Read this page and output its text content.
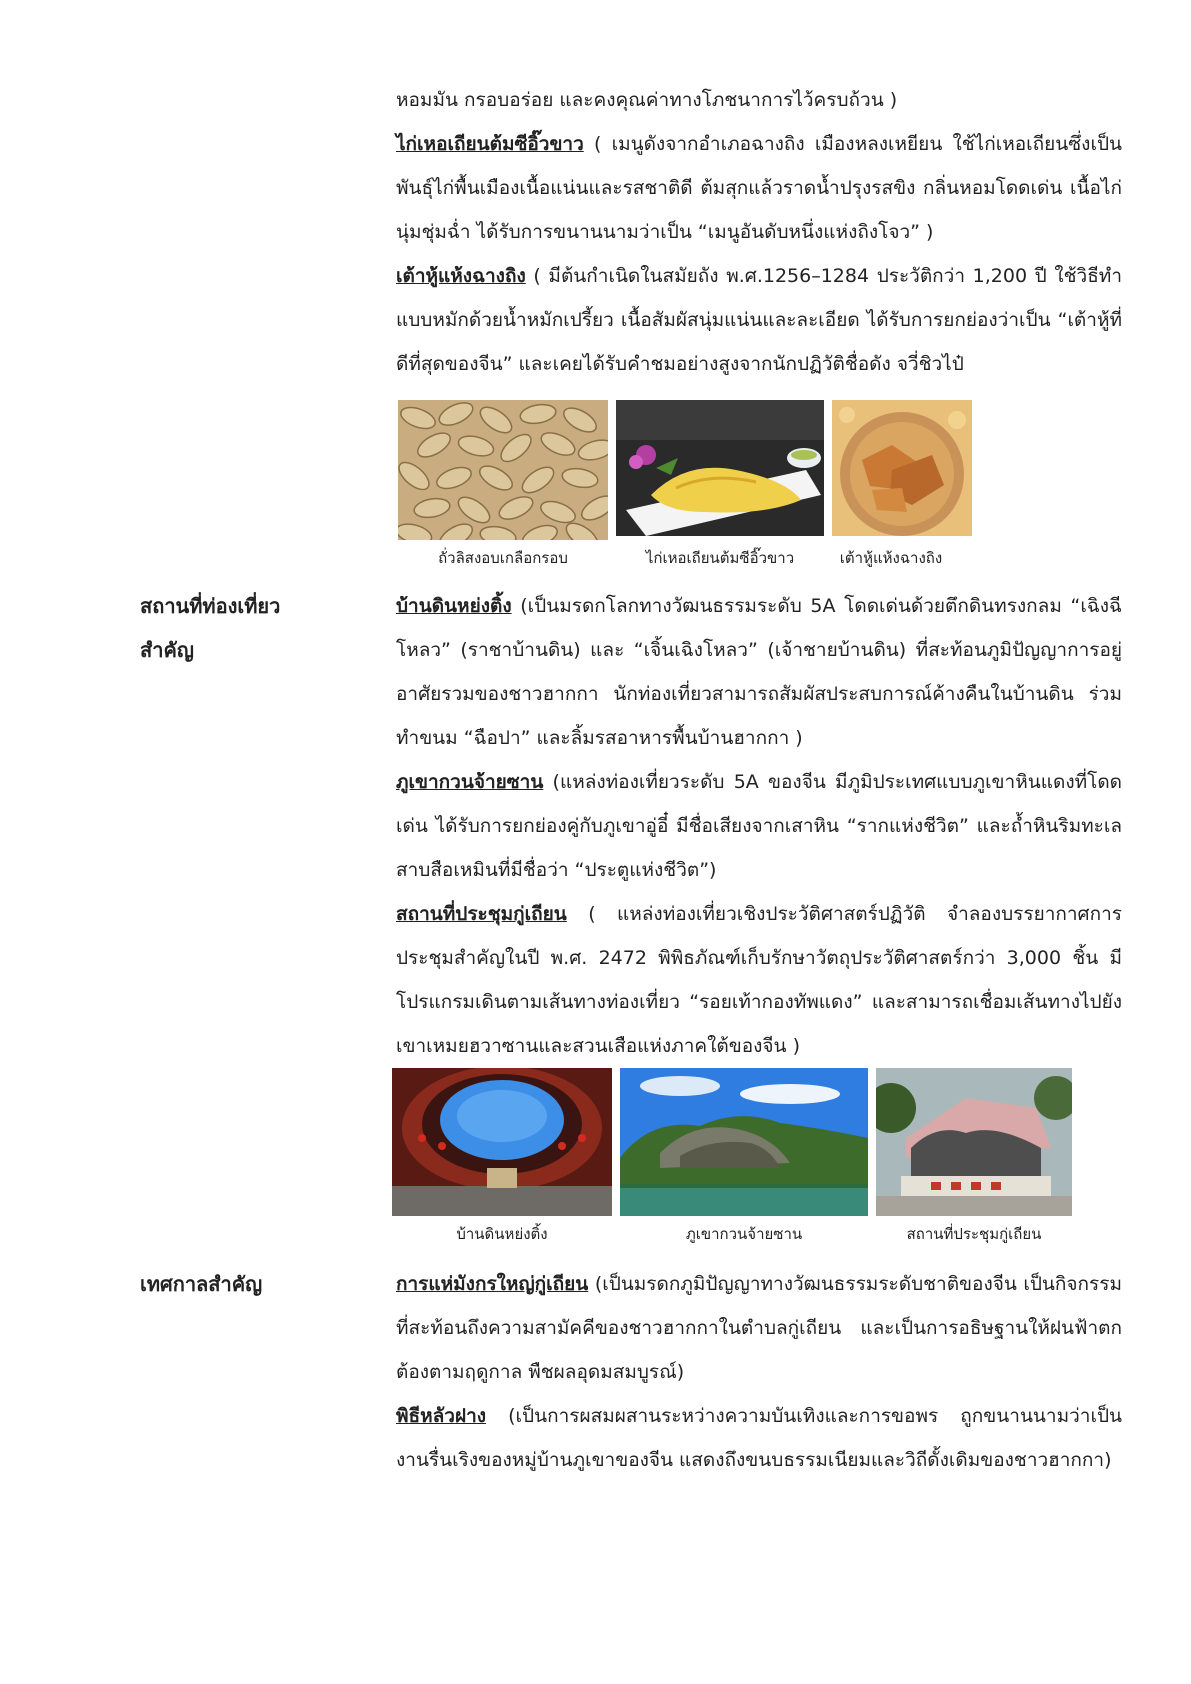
หอมมัน กรอบอร่อย และคงคุณค่าทางโภชนาการไว้ครบถ้วน )

ไก่เหอเถียนต้มซีอิ๊วขาว ( เมนูดังจากอำเภอฉางถิง เมืองหลงเหยียน ใช้ไก่เหอเถียนซึ่งเป็นพันธุ์ไก่พื้นเมืองเนื้อแน่นและรสชาติดี ต้มสุกแล้วราดน้ำปรุงรสขิง กลิ่นหอมโดดเด่น เนื้อไก่นุ่มชุ่มฉ่ำ ได้รับการขนานนามว่าเป็น “เมนูอันดับหนึ่งแห่งถิงโจว” )

เต้าหู้แห้งฉางถิง ( มีต้นกำเนิดในสมัยถัง พ.ศ.1256–1284 ประวัติกว่า 1,200 ปี ใช้วิธีทำแบบหมักด้วยน้ำหมักเปรี้ยว เนื้อสัมผัสนุ่มแน่นและละเอียด ได้รับการยกย่องว่าเป็น “เต้าหู้ที่ดีที่สุดของจีน” และเคยได้รับคำชมอย่างสูงจากนักปฏิวัติชื่อดัง จวี่ชิวไป๋

ถั่วลิสงอบเกลือกรอบ	ไก่เหอเถียนต้มซีอิ๊วขาว	เต้าหู้แห้งฉางถิง
สถานที่ท่องเที่ยว
สำคัญ

บ้านดินหย่งติ้ง (เป็นมรดกโลกทางวัฒนธรรมระดับ 5A โดดเด่นด้วยตึกดินทรงกลม “เฉิงฉีโหลว” (ราชาบ้านดิน) และ “เจิ้นเฉิงโหลว” (เจ้าชายบ้านดิน) ที่สะท้อนภูมิปัญญาการอยู่อาศัยรวมของชาวฮากกา นักท่องเที่ยวสามารถสัมผัสประสบการณ์ค้างคืนในบ้านดิน ร่วมทำขนม “ฉือปา” และลิ้มรสอาหารพื้นบ้านฮากกา )

ภูเขากวนจ้ายซาน (แหล่งท่องเที่ยวระดับ 5A ของจีน มีภูมิประเทศแบบภูเขาหินแดงที่โดดเด่น ได้รับการยกย่องคู่กับภูเขาอู่อี๋ มีชื่อเสียงจากเสาหิน “รากแห่งชีวิต” และถ้ำหินริมทะเลสาบสือเหมินที่มีชื่อว่า “ประตูแห่งชีวิต”)

สถานที่ประชุมกู่เถียน ( แหล่งท่องเที่ยวเชิงประวัติศาสตร์ปฏิวัติ จำลองบรรยากาศการประชุมสำคัญในปี พ.ศ. 2472 พิพิธภัณฑ์เก็บรักษาวัตถุประวัติศาสตร์กว่า 3,000 ชิ้น มีโปรแกรมเดินตามเส้นทางท่องเที่ยว “รอยเท้ากองทัพแดง” และสามารถเชื่อมเส้นทางไปยังเขาเหมยฮวาซานและสวนเสือแห่งภาคใต้ของจีน )

บ้านดินหย่งติ้ง	ภูเขากวนจ้ายซาน	สถานที่ประชุมกู่เถียน
เทศกาลสำคัญ	การแห่มังกรใหญ่กู่เถียน (เป็นมรดกภูมิปัญญาทางวัฒนธรรมระดับชาติของจีน เป็นกิจกรรมที่สะท้อนถึงความสามัคคีของชาวฮากกาในตำบลกู่เถียน และเป็นการอธิษฐานให้ฝนฟ้าตกต้องตามฤดูกาล พืชผลอุดมสมบูรณ์)

พิธีหลัวฝาง (เป็นการผสมผสานระหว่างความบันเทิงและการขอพร ถูกขนานนามว่าเป็นงานรื่นเริงของหมู่บ้านภูเขาของจีน แสดงถึงขนบธรรมเนียมและวิถีดั้งเดิมของชาวฮากกา)
